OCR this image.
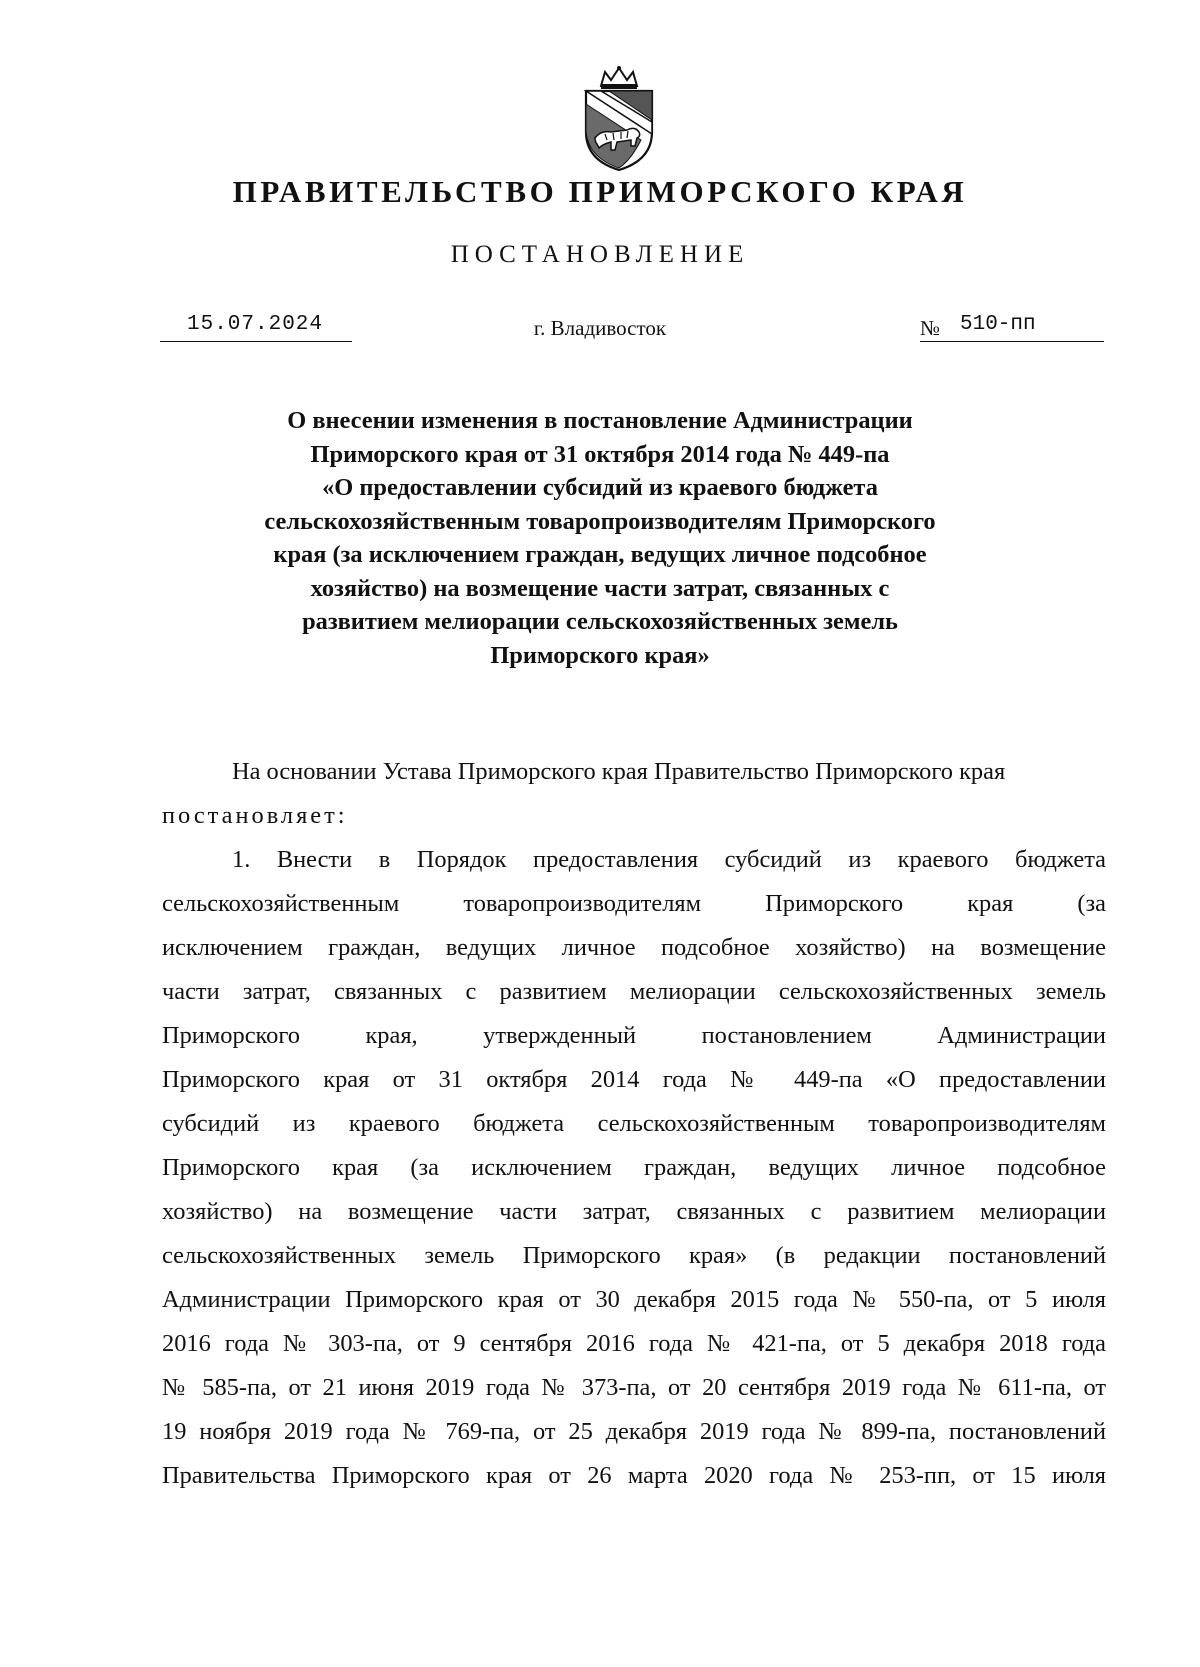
ПРАВИТЕЛЬСТВО ПРИМОРСКОГО КРАЯ
ПОСТАНОВЛЕНИЕ
15.07.2024	г. Владивосток	№ 510-пп
О внесении изменения в постановление Администрации
Приморского края от 31 октября 2014 года № 449-па
«О предоставлении субсидий из краевого бюджета
сельскохозяйственным товаропроизводителям Приморского
края (за исключением граждан, ведущих личное подсобное
хозяйство) на возмещение части затрат, связанных с
развитием мелиорации сельскохозяйственных земель
Приморского края»
На основании Устава Приморского края Правительство Приморского края
постановляет:
1. Внести в Порядок предоставления субсидий из краевого бюджета
сельскохозяйственным товаропроизводителям Приморского края (за
исключением граждан, ведущих личное подсобное хозяйство) на возмещение
части затрат, связанных с развитием мелиорации сельскохозяйственных земель
Приморского края, утвержденный постановлением Администрации
Приморского края от 31 октября 2014 года № 449-па «О предоставлении
субсидий из краевого бюджета сельскохозяйственным товаропроизводителям
Приморского края (за исключением граждан, ведущих личное подсобное
хозяйство) на возмещение части затрат, связанных с развитием мелиорации
сельскохозяйственных земель Приморского края» (в редакции постановлений
Администрации Приморского края от 30 декабря 2015 года № 550-па, от 5 июля
2016 года № 303-па, от 9 сентября 2016 года № 421-па, от 5 декабря 2018 года
№ 585-па, от 21 июня 2019 года № 373-па, от 20 сентября 2019 года № 611-па, от
19 ноября 2019 года № 769-па, от 25 декабря 2019 года № 899-па, постановлений
Правительства Приморского края от 26 марта 2020 года № 253-пп, от 15 июля
